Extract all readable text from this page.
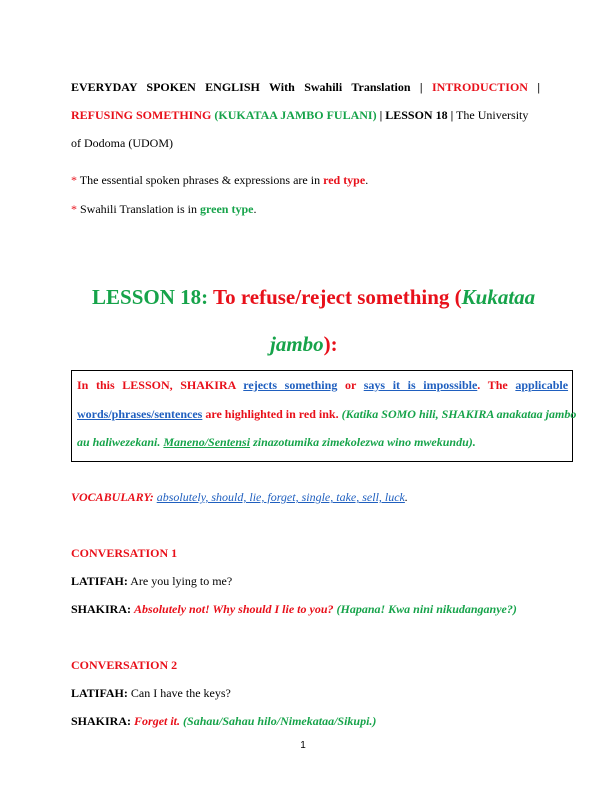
EVERYDAY SPOKEN ENGLISH With Swahili Translation | INTRODUCTION |
REFUSING SOMETHING (KUKATAA JAMBO FULANI) | LESSON 18 | The University
of Dodoma (UDOM)
* The essential spoken phrases & expressions are in red type.
* Swahili Translation is in green type.
LESSON 18: To refuse/reject something (Kukataa
jambo):
In this LESSON, SHAKIRA rejects something or says it is impossible. The applicable
words/phrases/sentences are highlighted in red ink. (Katika SOMO hili, SHAKIRA anakataa jambo
au haliwezekani. Maneno/Sentensi zinazotumika zimekolezwa wino mwekundu).
VOCABULARY: absolutely, should, lie, forget, single, take, sell, luck.
CONVERSATION 1
LATIFAH: Are you lying to me?
SHAKIRA: Absolutely not! Why should I lie to you? (Hapana! Kwa nini nikudanganye?)
CONVERSATION 2
LATIFAH: Can I have the keys?
SHAKIRA: Forget it. (Sahau/Sahau hilo/Nimekataa/Sikupi.)
1
